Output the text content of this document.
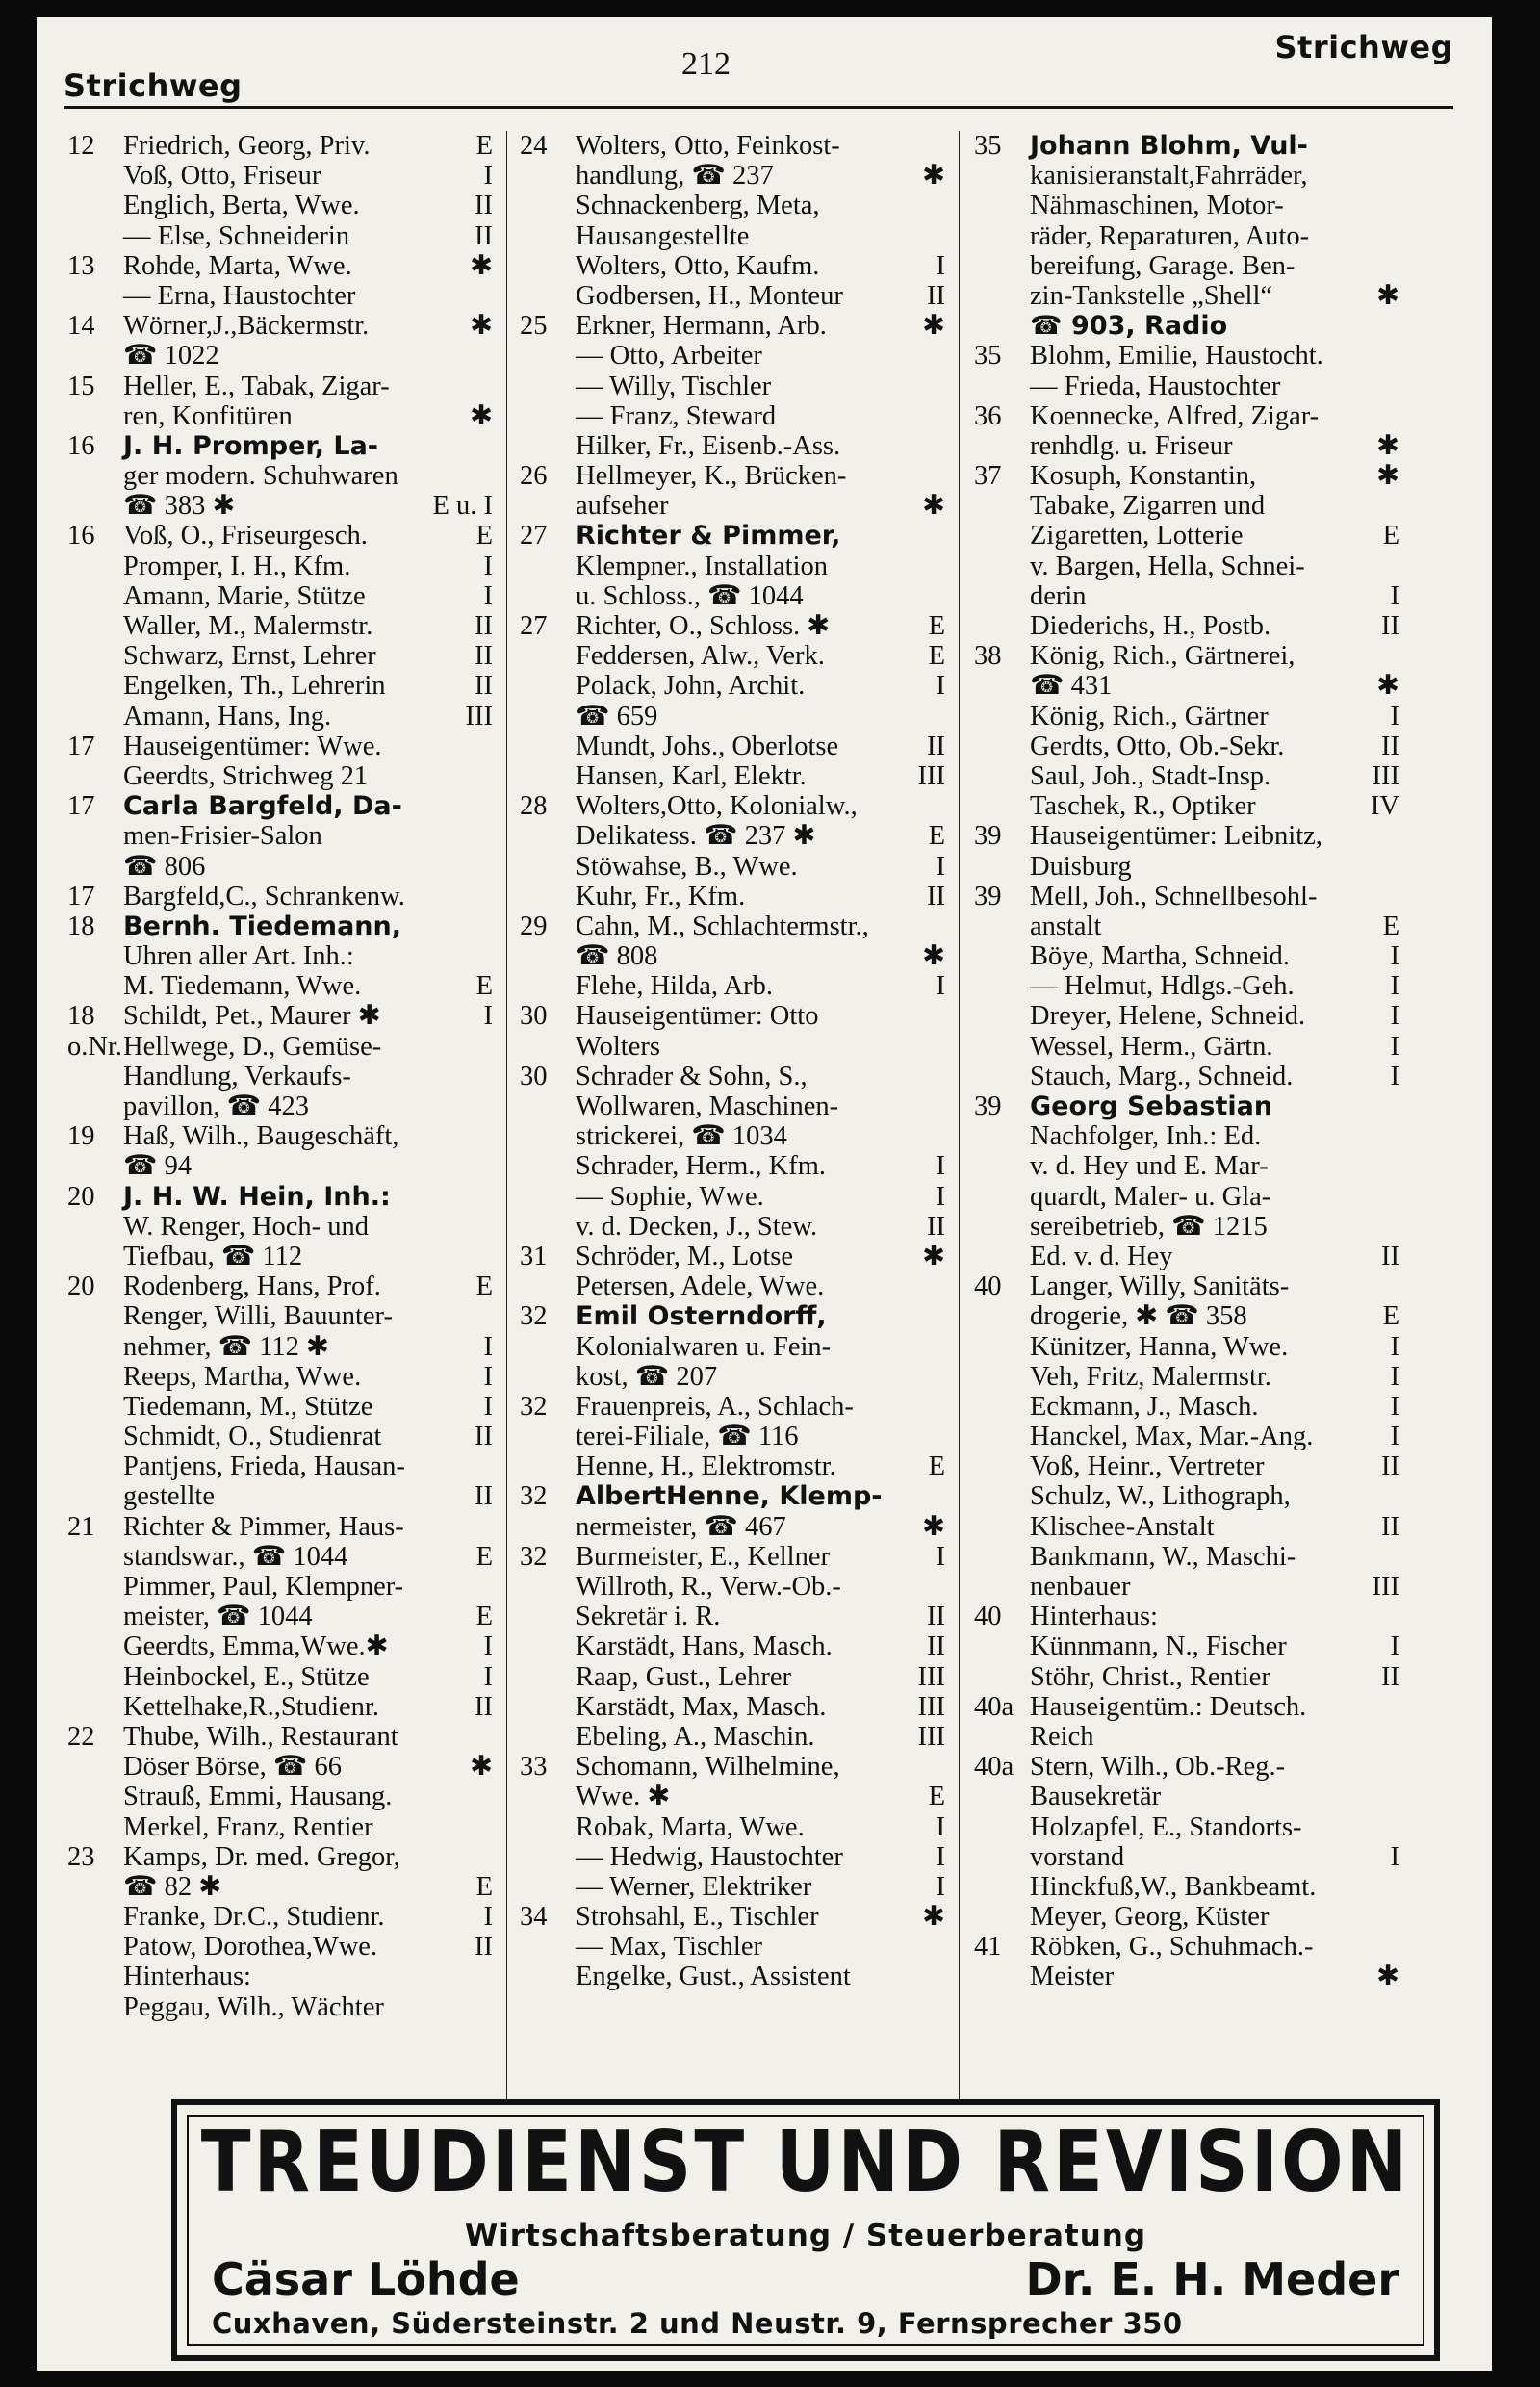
Strichweg
212	Strichweg
12	Friedrich, Georg, Priv.	E
Voß, Otto, Friseur	I
Englich, Berta, Wwe.	II
— Else, Schneiderin	II
13	Rohde, Marta, Wwe.	✱
— Erna, Haustochter
14	Wörner,J.,Bäckermstr.	✱
☎ 1022
15	Heller, E., Tabak, Zigar-
ren, Konfitüren	✱
16	J. H. Promper, La-
ger modern. Schuhwaren
☎ 383 ✱	E u. I
16	Voß, O., Friseurgesch.	E
Promper, I. H., Kfm.	I
Amann, Marie, Stütze	I
Waller, M., Malermstr.	II
Schwarz, Ernst, Lehrer	II
Engelken, Th., Lehrerin	II
Amann, Hans, Ing.	III
17	Hauseigentümer: Wwe.
Geerdts, Strichweg 21
17	Carla Bargfeld, Da-
men-Frisier-Salon
☎ 806
17	Bargfeld,C., Schrankenw.
18	Bernh. Tiedemann,
Uhren aller Art. Inh.:
M. Tiedemann, Wwe.	E
18	Schildt, Pet., Maurer ✱	I
o.Nr. Hellwege, D., Gemüse-
Handlung, Verkaufs-
pavillon, ☎ 423
19	Haß, Wilh., Baugeschäft,
☎ 94
20	J. H. W. Hein, Inh.:
W. Renger, Hoch- und
Tiefbau, ☎ 112
20	Rodenberg, Hans, Prof.	E
Renger, Willi, Bauunter-
nehmer, ☎ 112 ✱	I
Reeps, Martha, Wwe.	I
Tiedemann, M., Stütze	I
Schmidt, O., Studienrat	II
Pantjens, Frieda, Hausan-
gestellte	II
21	Richter & Pimmer, Haus-
standswar., ☎ 1044	E
Pimmer, Paul, Klempner-
meister, ☎ 1044	E
Geerdts, Emma,Wwe.✱	I
Heinbockel, E., Stütze	I
Kettelhake,R.,Studienr.	II
22	Thube, Wilh., Restaurant
Döser Börse, ☎ 66	✱
Strauß, Emmi, Hausang.
Merkel, Franz, Rentier
23	Kamps, Dr. med. Gregor,
☎ 82 ✱	E
Franke, Dr.C., Studienr.	I
Patow, Dorothea,Wwe.	II
Hinterhaus:
Peggau, Wilh., Wächter
24	Wolters, Otto, Feinkost-
handlung, ☎ 237	✱
Schnackenberg, Meta,
Hausangestellte
Wolters, Otto, Kaufm.	I
Godbersen, H., Monteur	II
25	Erkner, Hermann, Arb.	✱
— Otto, Arbeiter
— Willy, Tischler
— Franz, Steward
Hilker, Fr., Eisenb.-Ass.
26	Hellmeyer, K., Brücken-
aufseher	✱
27	Richter & Pimmer,
Klempner., Installation
u. Schloss., ☎ 1044
27	Richter, O., Schloss. ✱	E
Feddersen, Alw., Verk.	E
Polack, John, Archit.	I
☎ 659
Mundt, Johs., Oberlotse	II
Hansen, Karl, Elektr.	III
28	Wolters,Otto, Kolonialw.,
Delikatess. ☎ 237 ✱	E
Stöwahse, B., Wwe.	I
Kuhr, Fr., Kfm.	II
29	Cahn, M., Schlachtermstr.,
☎ 808	✱
Flehe, Hilda, Arb.	I
30	Hauseigentümer: Otto
Wolters
30	Schrader & Sohn, S.,
Wollwaren, Maschinen-
strickerei, ☎ 1034
Schrader, Herm., Kfm.	I
— Sophie, Wwe.	I
v. d. Decken, J., Stew.	II
31	Schröder, M., Lotse	✱
Petersen, Adele, Wwe.
32	Emil Osterndorff,
Kolonialwaren u. Fein-
kost, ☎ 207
32	Frauenpreis, A., Schlach-
terei-Filiale, ☎ 116
Henne, H., Elektromstr.	E
32	AlbertHenne, Klemp-
nermeister, ☎ 467	✱
32	Burmeister, E., Kellner	I
Willroth, R., Verw.-Ob.-
Sekretär i. R.	II
Karstädt, Hans, Masch.	II
Raap, Gust., Lehrer	III
Karstädt, Max, Masch.	III
Ebeling, A., Maschin.	III
33	Schomann, Wilhelmine,
Wwe. ✱	E
Robak, Marta, Wwe.	I
— Hedwig, Haustochter	I
— Werner, Elektriker	I
34	Strohsahl, E., Tischler	✱
— Max, Tischler
Engelke, Gust., Assistent
35	Johann Blohm, Vul-
kanisieranstalt,Fahrräder,
Nähmaschinen, Motor-
räder, Reparaturen, Auto-
bereifung, Garage. Ben-
zin-Tankstelle „Shell“	✱
☎ 903, Radio
35	Blohm, Emilie, Haustocht.
— Frieda, Haustochter
36	Koennecke, Alfred, Zigar-
renhdlg. u. Friseur	✱
37	Kosuph, Konstantin,	✱
Tabake, Zigarren und
Zigaretten, Lotterie	E
v. Bargen, Hella, Schnei-
derin	I
Diederichs, H., Postb.	II
38	König, Rich., Gärtnerei,
☎ 431	✱
König, Rich., Gärtner	I
Gerdts, Otto, Ob.-Sekr.	II
Saul, Joh., Stadt-Insp.	III
Taschek, R., Optiker	IV
39	Hauseigentümer: Leibnitz,
Duisburg
39	Mell, Joh., Schnellbesohl-
anstalt	E
Böye, Martha, Schneid.	I
— Helmut, Hdlgs.-Geh.	I
Dreyer, Helene, Schneid.	I
Wessel, Herm., Gärtn.	I
Stauch, Marg., Schneid.	I
39	Georg Sebastian
Nachfolger, Inh.: Ed.
v. d. Hey und E. Mar-
quardt, Maler- u. Gla-
sereibetrieb, ☎ 1215
Ed. v. d. Hey	II
40	Langer, Willy, Sanitäts-
drogerie, ✱ ☎ 358	E
Künitzer, Hanna, Wwe.	I
Veh, Fritz, Malermstr.	I
Eckmann, J., Masch.	I
Hanckel, Max, Mar.-Ang.	I
Voß, Heinr., Vertreter	II
Schulz, W., Lithograph,
Klischee-Anstalt	II
Bankmann, W., Maschi-
nenbauer	III
40	Hinterhaus:
Künnmann, N., Fischer	I
Stöhr, Christ., Rentier	II
40a Hauseigentüm.: Deutsch.
Reich
40a Stern, Wilh., Ob.-Reg.-
Bausekretär
Holzapfel, E., Standorts-
vorstand	I
Hinckfuß,W., Bankbeamt.
Meyer, Georg, Küster
41	Röbken, G., Schuhmach.-
Meister	✱
TREUDIENST UND REVISION
Wirtschaftsberatung / Steuerberatung
Cäsar Löhde	Dr. E. H. Meder
Cuxhaven, Südersteinstr. 2 und Neustr. 9, Fernsprecher 350
